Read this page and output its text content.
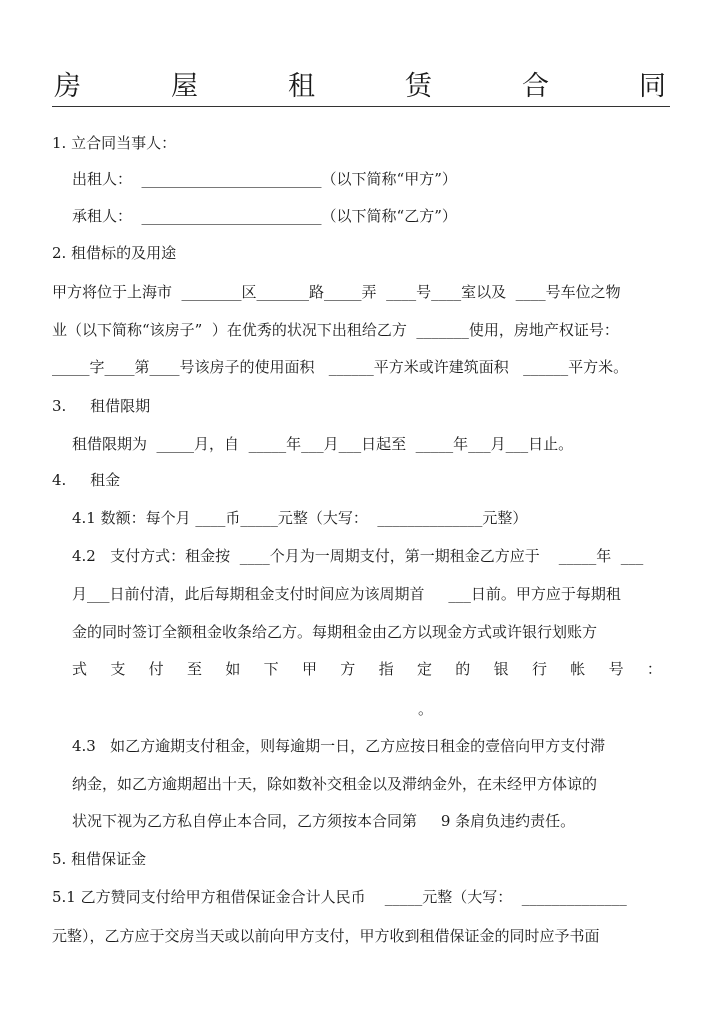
房	屋	租	赁	合	同
1. 立合同当事人：
出租人：  ________________________（以下简称“甲方”）
承租人：  ________________________（以下简称“乙方”）
2. 租借标的及用途
甲方将位于上海市  ________区_______路_____弄  ____号____室以及  ____号车位之物
业（以下简称“该房子”  ）在优秀的状况下出租给乙方  _______使用，房地产权证号：
_____字____第____号该房子的使用面积   ______平方米或许建筑面积   ______平方米。
3.     租借限期
租借限期为  _____月，自  _____年___月___日起至  _____年___月___日止。
4.     租金
4.1 数额：每个月 ____币_____元整（大写：  ______________元整）
4.2   支付方式：租金按  ____个月为一周期支付，第一期租金乙方应于    _____年  ___
月___日前付清，此后每期租金支付时间应为该周期首     ___日前。甲方应于每期租
金的同时签订全额租金收条给乙方。每期租金由乙方以现金方式或许银行划账方
式 支 付 至 如 下 甲 方 指 定 的 银 行 帐 号 ：
。
4.3   如乙方逾期支付租金，则每逾期一日，乙方应按日租金的壹倍向甲方支付滞
纳金，如乙方逾期超出十天，除如数补交租金以及滞纳金外，在未经甲方体谅的
状况下视为乙方私自停止本合同，乙方须按本合同第     9 条肩负违约责任。
5. 租借保证金
5.1 乙方赞同支付给甲方租借保证金合计人民币    _____元整（大写：  ______________
元整），乙方应于交房当天或以前向甲方支付，甲方收到租借保证金的同时应予书面
